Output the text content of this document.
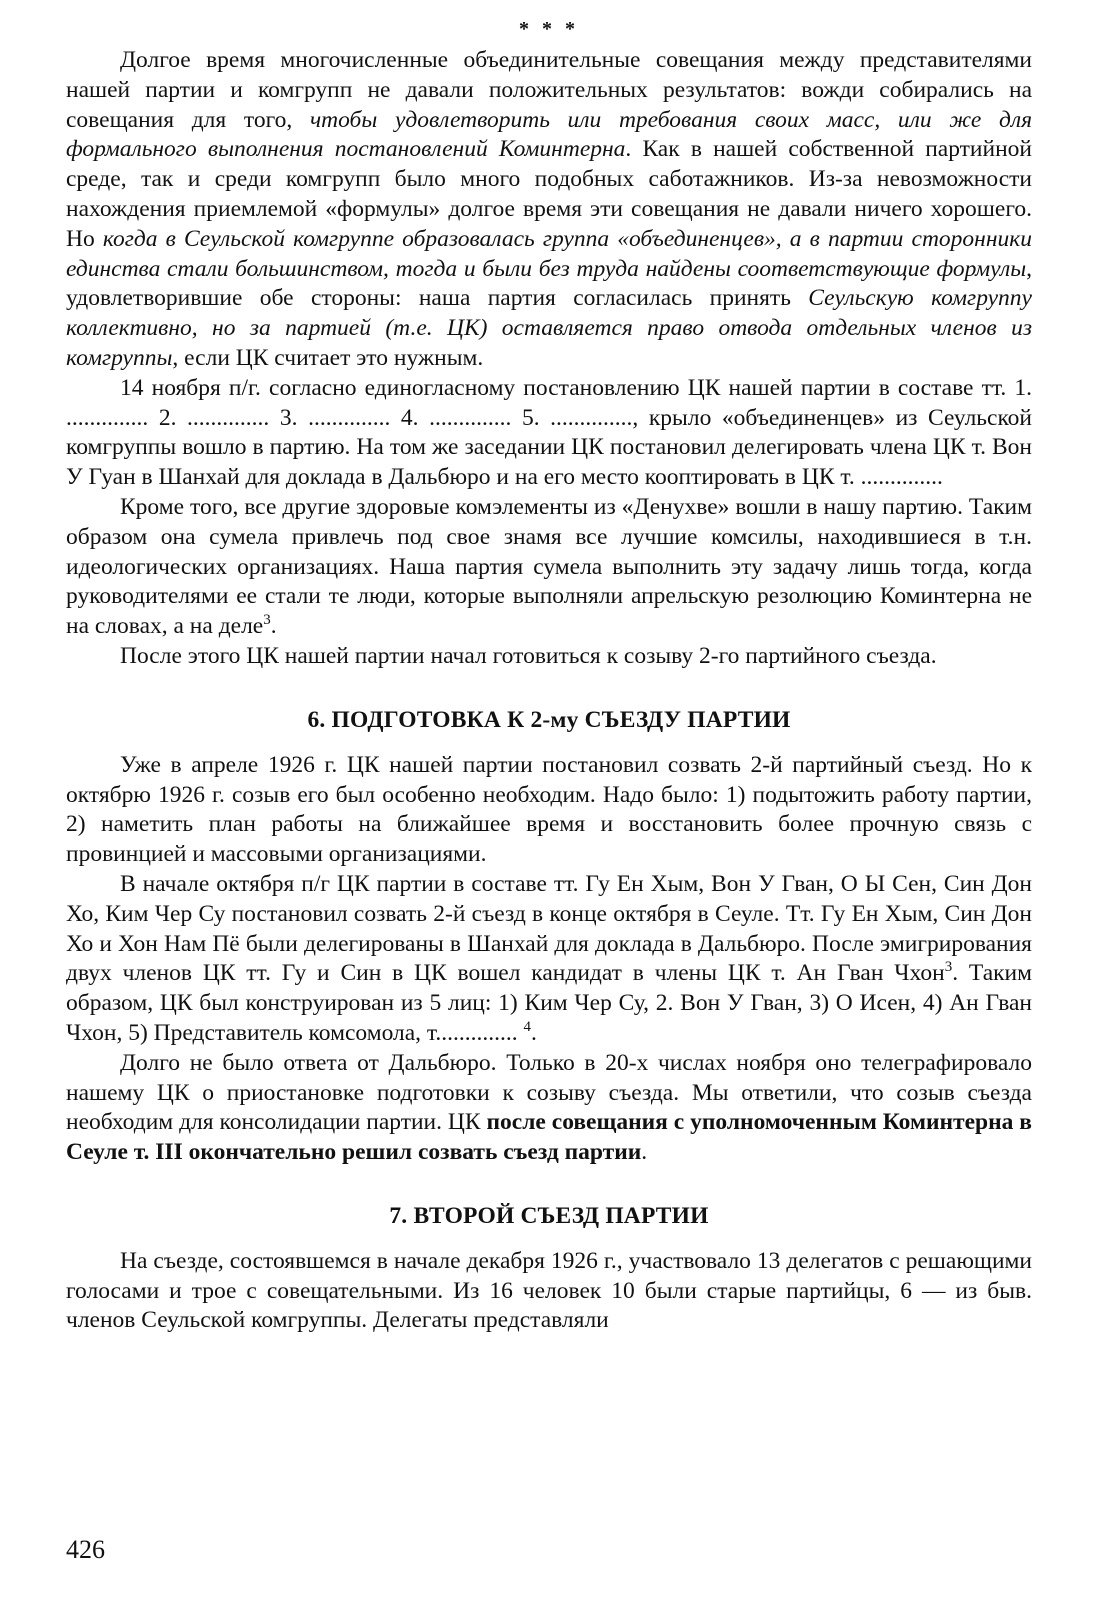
* * *

Долгое время многочисленные объединительные совещания между представителями нашей партии и комгрупп не давали положительных результатов: вожди собирались на совещания для того, чтобы удовлетворить или требования своих масс, или же для формального выполнения постановлений Коминтерна. Как в нашей собственной партийной среде, так и среди комгрупп было много подобных саботажников. Из-за невозможности нахождения приемлемой «формулы» долгое время эти совещания не давали ничего хорошего. Но когда в Сеульской комгруппе образовалась группа «объединенцев», а в партии сторонники единства стали большинством, тогда и были без труда найдены соответствующие формулы, удовлетворившие обе стороны: наша партия согласилась принять Сеульскую комгруппу коллективно, но за партией (т.е. ЦК) оставляется право отвода отдельных членов из комгруппы, если ЦК считает это нужным.

14 ноября п/г. согласно единогласному постановлению ЦК нашей партии в составе тт. 1. .............. 2. .............. 3. .............. 4. .............. 5. .............., крыло «объединенцев» из Сеульской комгруппы вошло в партию. На том же заседании ЦК постановил делегировать члена ЦК т. Вон У Гуан в Шанхай для доклада в Дальбюро и на его место кооптировать в ЦК т. ..............

Кроме того, все другие здоровые комэлементы из «Денухве» вошли в нашу партию. Таким образом она сумела привлечь под свое знамя все лучшие комсилы, находившиеся в т.н. идеологических организациях. Наша партия сумела выполнить эту задачу лишь тогда, когда руководителями ее стали те люди, которые выполняли апрельскую резолюцию Коминтерна не на словах, а на деле$^3$.

После этого ЦК нашей партии начал готовиться к созыву 2-го партийного съезда.

6. ПОДГОТОВКА К 2-му СЪЕЗДУ ПАРТИИ

Уже в апреле 1926 г. ЦК нашей партии постановил созвать 2-й партийный съезд. Но к октябрю 1926 г. созыв его был особенно необходим. Надо было: 1) подытожить работу партии, 2) наметить план работы на ближайшее время и восстановить более прочную связь с провинцией и массовыми организациями.

В начале октября п/г ЦК партии в составе тт. Гу Ен Хым, Вон У Гван, О Ы Сен, Син Дон Хо, Ким Чер Су постановил созвать 2-й съезд в конце октября в Сеуле. Тт. Гу Ен Хым, Син Дон Хо и Хон Нам Пё были делегированы в Шанхай для доклада в Дальбюро. После эмигрирования двух членов ЦК тт. Гу и Син в ЦК вошел кандидат в члены ЦК т. Ан Гван Чхон$^3$. Таким образом, ЦК был конструирован из 5 лиц: 1) Ким Чер Су, 2. Вон У Гван, 3) О Исен, 4) Ан Гван Чхон, 5) Представитель комсомола, т.............. $^4$.

Долго не было ответа от Дальбюро. Только в 20-х числах ноября оно телеграфировало нашему ЦК о приостановке подготовки к созыву съезда. Мы ответили, что созыв съезда необходим для консолидации партии. ЦК после совещания с уполномоченным Коминтерна в Сеуле т. III окончательно решил созвать съезд партии.

7. ВТОРОЙ СЪЕЗД ПАРТИИ

На съезде, состоявшемся в начале декабря 1926 г., участвовало 13 делегатов с решающими голосами и трое с совещательными. Из 16 человек 10 были старые партийцы, 6 — из быв. членов Сеульской комгруппы. Делегаты представляли

426
